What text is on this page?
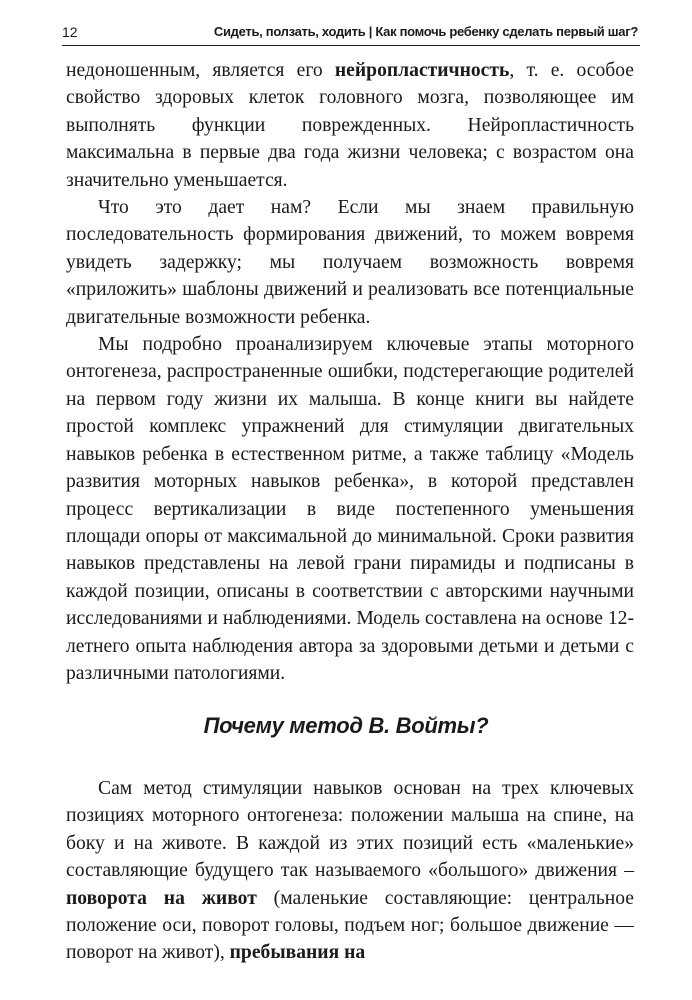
12	Сидеть, ползать, ходить | Как помочь ребенку сделать первый шаг?

недоношенным, является его нейропластичность, т. е. особое свойство здоровых клеток головного мозга, позволяющее им выполнять функции поврежденных. Нейропластичность максимальна в первые два года жизни человека; с возрастом она значительно уменьшается.

Что это дает нам? Если мы знаем правильную последовательность формирования движений, то можем вовремя увидеть задержку; мы получаем возможность вовремя «приложить» шаблоны движений и реализовать все потенциальные двигательные возможности ребенка.

Мы подробно проанализируем ключевые этапы моторного онтогенеза, распространенные ошибки, подстерегающие родителей на первом году жизни их малыша. В конце книги вы найдете простой комплекс упражнений для стимуляции двигательных навыков ребенка в естественном ритме, а также таблицу «Модель развития моторных навыков ребенка», в которой представлен процесс вертикализации в виде постепенного уменьшения площади опоры от максимальной до минимальной. Сроки развития навыков представлены на левой грани пирамиды и подписаны в каждой позиции, описаны в соответствии с авторскими научными исследованиями и наблюдениями. Модель составлена на основе 12-летнего опыта наблюдения автора за здоровыми детьми и детьми с различными патологиями.

Почему метод В. Войты?

Сам метод стимуляции навыков основан на трех ключевых позициях моторного онтогенеза: положении малыша на спине, на боку и на животе. В каждой из этих позиций есть «маленькие» составляющие будущего так называемого «большого» движения – поворота на живот (маленькие составляющие: центральное положение оси, поворот головы, подъем ног; большое движение — поворот на живот), пребывания на
